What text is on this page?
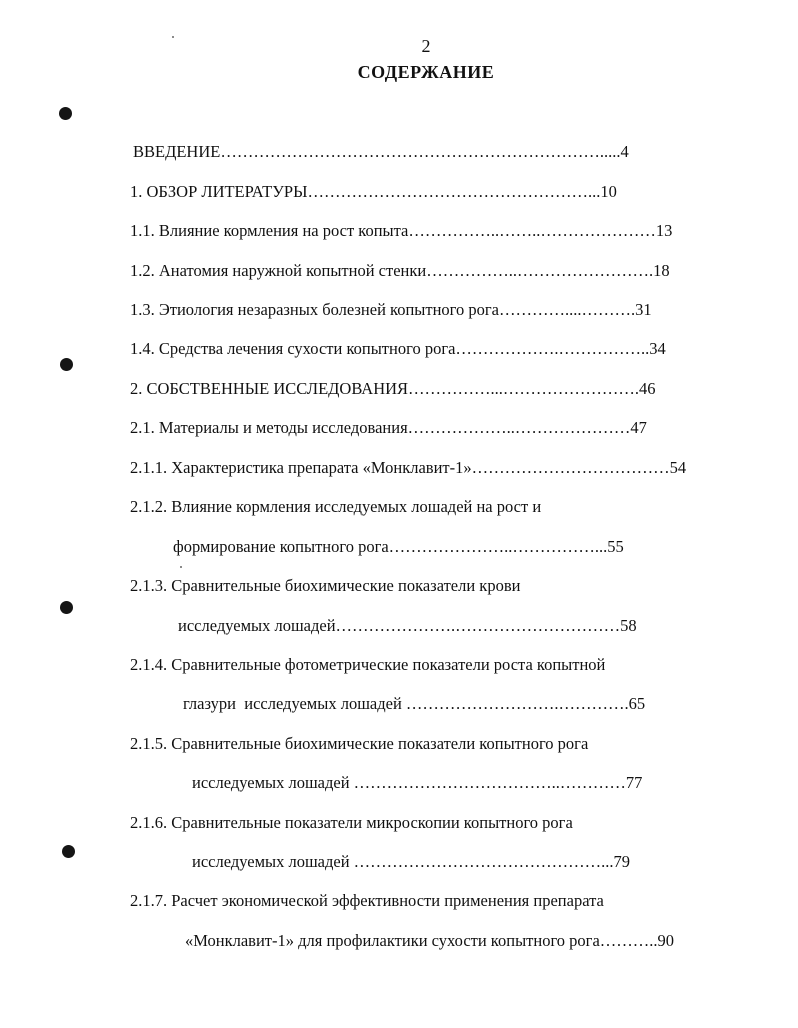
2
СОДЕРЖАНИЕ
ВВЕДЕНИЕ…………………………………………………………….....4
1. ОБЗОР ЛИТЕРАТУРЫ……………………………………………...10
1.1. Влияние кормления на рост копыта……………..……..…………………13
1.2. Анатомия наружной копытной стенки……………..…………………….18
1.3. Этиология незаразных болезней копытного рога…………....……….31
1.4. Средства лечения сухости копытного рога……………….……………..34
2. СОБСТВЕННЫЕ ИССЛЕДОВАНИЯ……………...…………………….46
2.1. Материалы и методы исследования………………..…………………47
2.1.1. Характеристика препарата «Монклавит-1»………………………………54
2.1.2. Влияние кормления исследуемых лошадей на рост и
формирование копытного рога…………………..……………...55
2.1.3. Сравнительные биохимические показатели крови
исследуемых лошадей………………….…………………………58
2.1.4. Сравнительные фотометрические показатели роста копытной
глазури  исследуемых лошадей ……………………….………….65
2.1.5. Сравнительные биохимические показатели копытного рога
исследуемых лошадей ………………………………..…………77
2.1.6. Сравнительные показатели микроскопии копытного рога
исследуемых лошадей ………………………………………...79
2.1.7. Расчет экономической эффективности применения препарата
«Монклавит-1» для профилактики сухости копытного рога………..90
